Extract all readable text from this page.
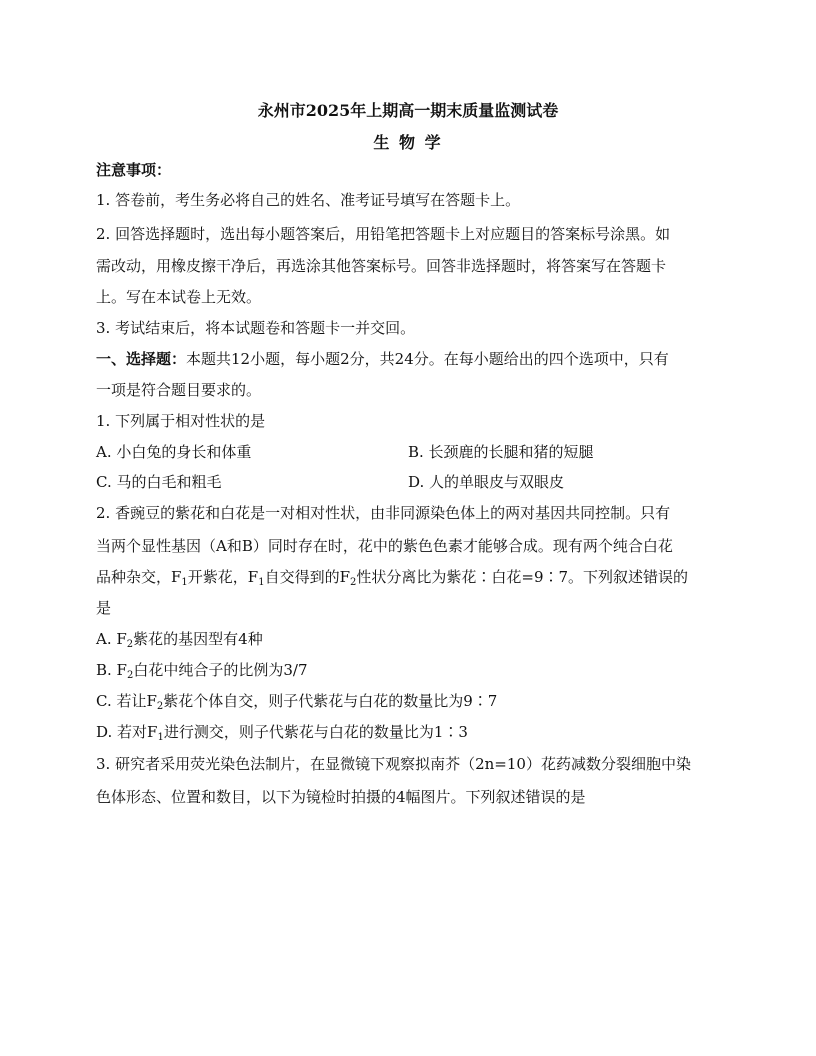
永州市2025年上期高一期末质量监测试卷
生 物 学
注意事项：
1. 答卷前，考生务必将自己的姓名、准考证号填写在答题卡上。
2. 回答选择题时，选出每小题答案后，用铅笔把答题卡上对应题目的答案标号涂黑。如
需改动，用橡皮擦干净后，再选涂其他答案标号。回答非选择题时，将答案写在答题卡
上。写在本试卷上无效。
3. 考试结束后，将本试题卷和答题卡一并交回。
一、选择题：本题共12小题，每小题2分，共24分。在每小题给出的四个选项中，只有
一项是符合题目要求的。
1. 下列属于相对性状的是
A. 小白兔的身长和体重	B. 长颈鹿的长腿和猪的短腿
C. 马的白毛和粗毛	D. 人的单眼皮与双眼皮
2. 香豌豆的紫花和白花是一对相对性状，由非同源染色体上的两对基因共同控制。只有
当两个显性基因（A和B）同时存在时，花中的紫色色素才能够合成。现有两个纯合白花
品种杂交，$F_1$开紫花，$F_1$自交得到的$F_2$性状分离比为紫花∶白花=9∶7。下列叙述错误的
是
A. $F_2$紫花的基因型有4种
B. $F_2$白花中纯合子的比例为3/7
C. 若让$F_2$紫花个体自交，则子代紫花与白花的数量比为9∶7
D. 若对$F_1$进行测交，则子代紫花与白花的数量比为1∶3
3. 研究者采用荧光染色法制片，在显微镜下观察拟南芥（2n=10）花药减数分裂细胞中染
色体形态、位置和数目，以下为镜检时拍摄的4幅图片。下列叙述错误的是
